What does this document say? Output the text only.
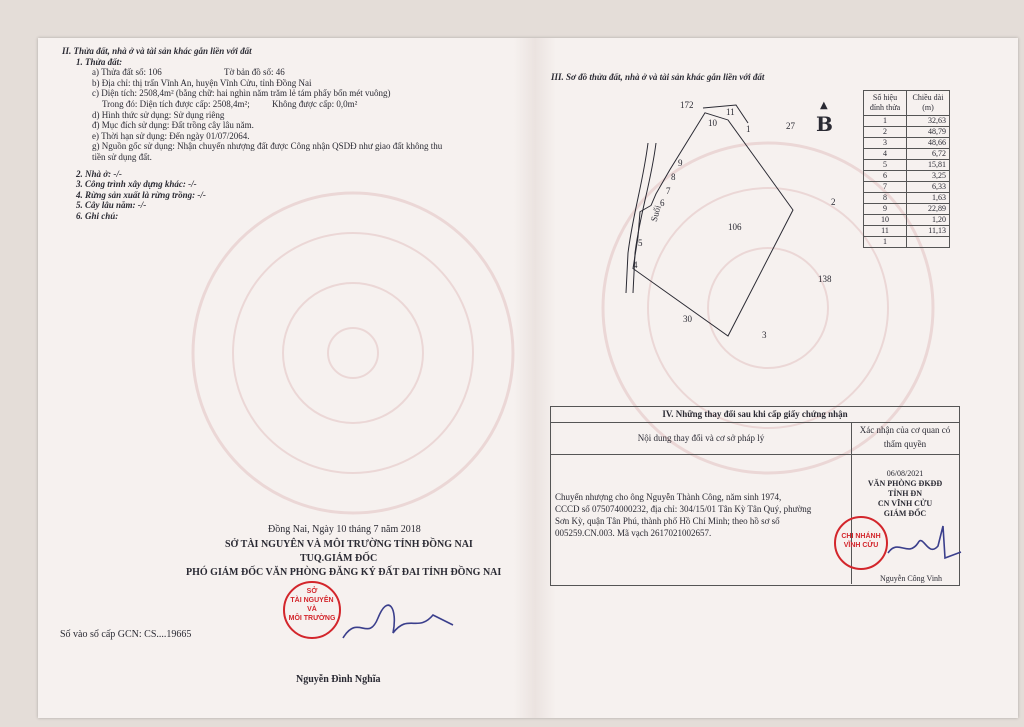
II. Thửa đất, nhà ở và tài sản khác gắn liền với đất
1. Thửa đất:
a) Thửa đất số: 106	Tờ bản đồ số: 46
b) Địa chỉ: thị trấn Vĩnh An, huyện Vĩnh Cửu, tỉnh Đồng Nai
c) Diện tích: 2508,4m² (bằng chữ: hai nghìn năm trăm lẻ tám phẩy bốn mét vuông)
Trong đó: Diện tích được cấp: 2508,4m²; Không được cấp: 0,0m²
d) Hình thức sử dụng: Sử dụng riêng
đ) Mục đích sử dụng: Đất trồng cây lâu năm.
e) Thời hạn sử dụng: Đến ngày 01/07/2064.
g) Nguồn gốc sử dụng: Nhận chuyển nhượng đất được Công nhận QSDĐ như giao đất không thu
tiền sử dụng đất.
2. Nhà ở: -/-
3. Công trình xây dựng khác: -/-
4. Rừng sản xuất là rừng trồng: -/-
5. Cây lâu năm: -/-
6. Ghi chú:
Đồng Nai, Ngày 10 tháng 7 năm 2018
SỞ TÀI NGUYÊN VÀ MÔI TRƯỜNG TỈNH ĐỒNG NAI
TUQ.GIÁM ĐỐC
PHÓ GIÁM ĐỐC VĂN PHÒNG ĐĂNG KÝ ĐẤT ĐAI TỈNH ĐỒNG NAI
SỞ
TÀI NGUYÊN
VÀ
MÔI TRƯỜNG
Số vào sổ cấp GCN: CS....19665
Nguyễn Đình Nghĩa
III. Sơ đồ thửa đất, nhà ở và tài sản khác gắn liền với đất
172
27
138
30
106
Suối
1
2
3
4
5
6
7
8
9
10
11
▲
B
Số hiệu đỉnh thửa	Chiều dài (m)
1	32,63
2	48,79
3	48,66
4	6,72
5	15,81
6	3,25
7	6,33
8	1,63
9	22,89
10	1,20
11	11,13
1	
IV. Những thay đổi sau khi cấp giấy chứng nhận
Nội dung thay đổi và cơ sở pháp lý
Xác nhận của cơ quan có thẩm quyền
Chuyển nhượng cho ông Nguyễn Thành Công, năm sinh 1974,
CCCD số 075074000232, địa chỉ: 304/15/01 Tân Kỳ Tân Quý, phường
Sơn Kỳ, quận Tân Phú, thành phố Hồ Chí Minh; theo hồ sơ số
005259.CN.003. Mã vạch 2617021002657.
06/08/2021
VĂN PHÒNG ĐKĐĐ
TỈNH ĐN
CN VĨNH CỬU
GIÁM ĐỐC
CHI NHÁNH
VĨNH CỬU
Nguyễn Công Vinh
